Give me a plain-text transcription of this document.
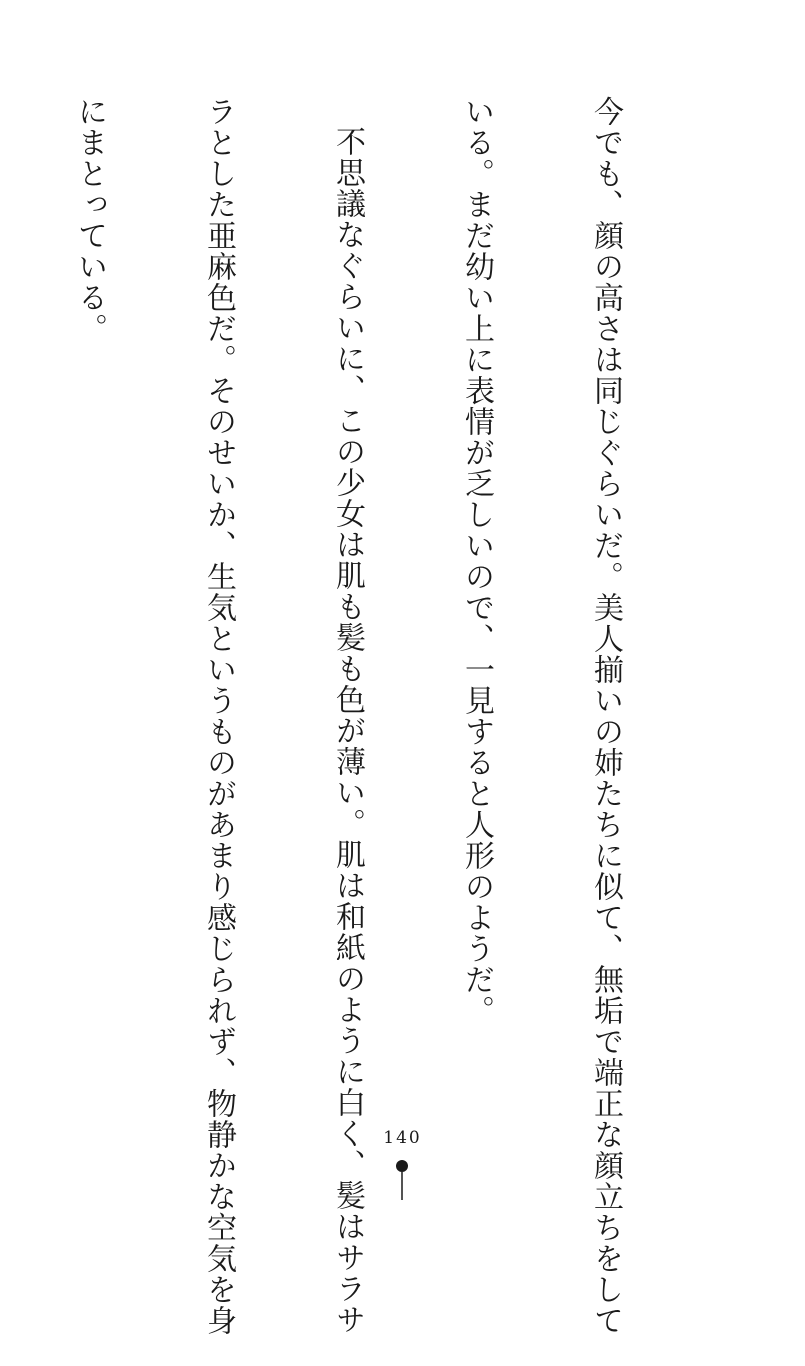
今でも、顔の高さは同じぐらいだ。美人揃いの姉たちに似て、無垢で端正な顔立ちをして

いる。まだ幼い上に表情が乏しいので、一見すると人形のようだ。

不思議なぐらいに、この少女は肌も髪も色が薄い。肌は和紙のように白く、髪はサラサ

ラとした亜麻色だ。そのせいか、生気というものがあまり感じられず、物静かな空気を身

にまとっている。

140
